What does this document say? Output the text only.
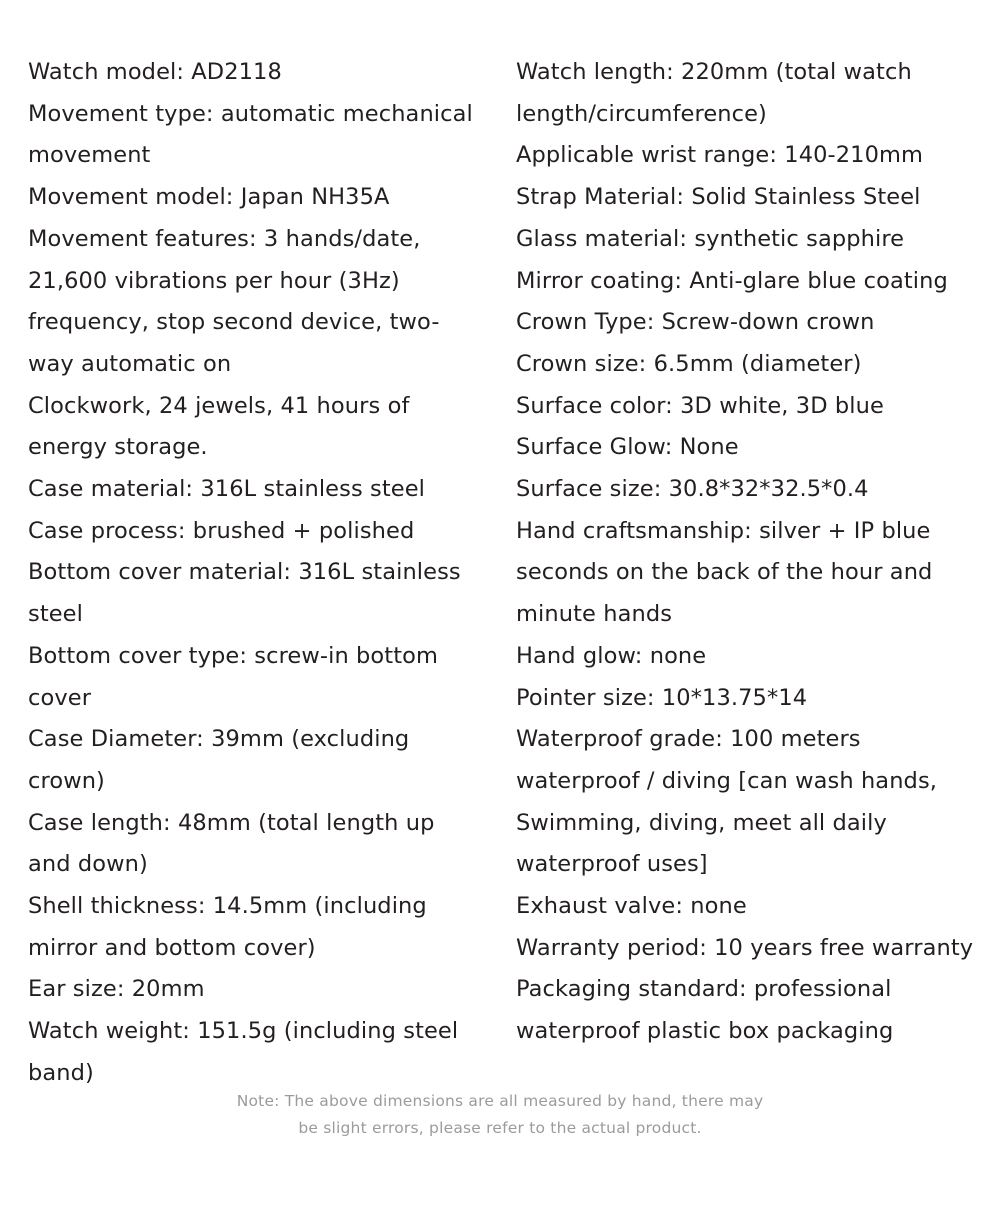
Watch model: AD2118
Movement type: automatic mechanical movement
Movement model: Japan NH35A
Movement features: 3 hands/date, 21,600 vibrations per hour (3Hz) frequency, stop second device, two-way automatic on
Clockwork, 24 jewels, 41 hours of energy storage.
Case material: 316L stainless steel
Case process: brushed + polished
Bottom cover material: 316L stainless steel
Bottom cover type: screw-in bottom cover
Case Diameter: 39mm (excluding crown)
Case length: 48mm (total length up and down)
Shell thickness: 14.5mm (including mirror and bottom cover)
Ear size: 20mm
Watch weight: 151.5g (including steel band)
Watch length: 220mm (total watch length/circumference)
Applicable wrist range: 140-210mm
Strap Material: Solid Stainless Steel
Glass material: synthetic sapphire
Mirror coating: Anti-glare blue coating
Crown Type: Screw-down crown
Crown size: 6.5mm (diameter)
Surface color: 3D white, 3D blue
Surface Glow: None
Surface size: 30.8*32*32.5*0.4
Hand craftsmanship: silver + IP blue seconds on the back of the hour and minute hands
Hand glow: none
Pointer size: 10*13.75*14
Waterproof grade: 100 meters waterproof / diving [can wash hands, Swimming, diving, meet all daily waterproof uses]
Exhaust valve: none
Warranty period: 10 years free warranty
Packaging standard: professional waterproof plastic box packaging
Note: The above dimensions are all measured by hand, there may
be slight errors, please refer to the actual product.
